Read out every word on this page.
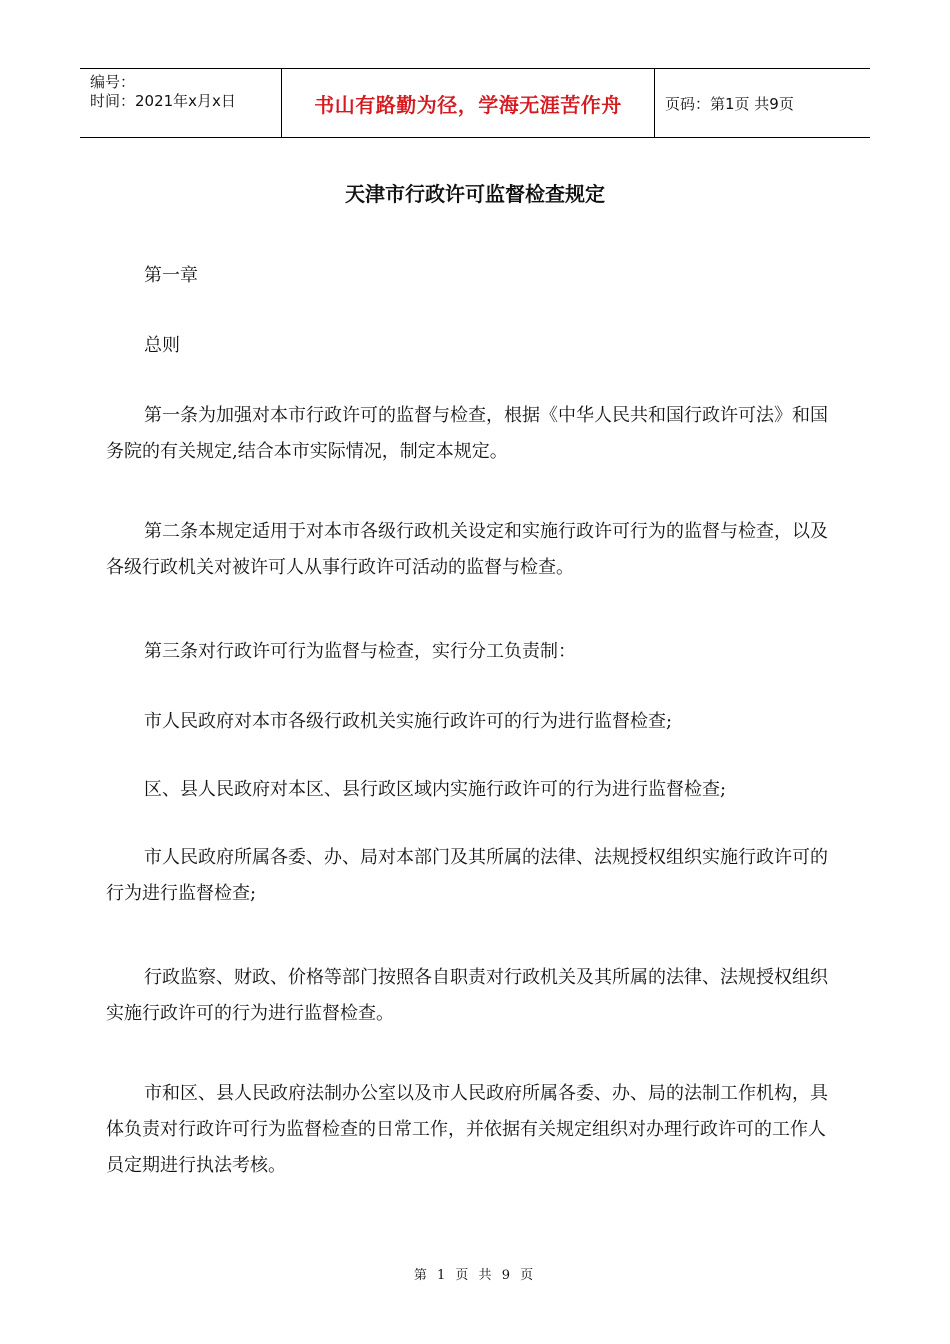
编号：
时间：2021年x月x日	书山有路勤为径，学海无涯苦作舟	页码：第1页 共9页
天津市行政许可监督检查规定

第一章

总则

第一条为加强对本市行政许可的监督与检查，根据《中华人民共和国行政许可法》和国务院的有关规定,结合本市实际情况，制定本规定。

第二条本规定适用于对本市各级行政机关设定和实施行政许可行为的监督与检查，以及各级行政机关对被许可人从事行政许可活动的监督与检查。

第三条对行政许可行为监督与检查，实行分工负责制：

市人民政府对本市各级行政机关实施行政许可的行为进行监督检查;

区、县人民政府对本区、县行政区域内实施行政许可的行为进行监督检查;

市人民政府所属各委、办、局对本部门及其所属的法律、法规授权组织实施行政许可的行为进行监督检查;

行政监察、财政、价格等部门按照各自职责对行政机关及其所属的法律、法规授权组织实施行政许可的行为进行监督检查。

市和区、县人民政府法制办公室以及市人民政府所属各委、办、局的法制工作机构，具体负责对行政许可行为监督检查的日常工作，并依据有关规定组织对办理行政许可的工作人员定期进行执法考核。

第 1 页 共 9 页
